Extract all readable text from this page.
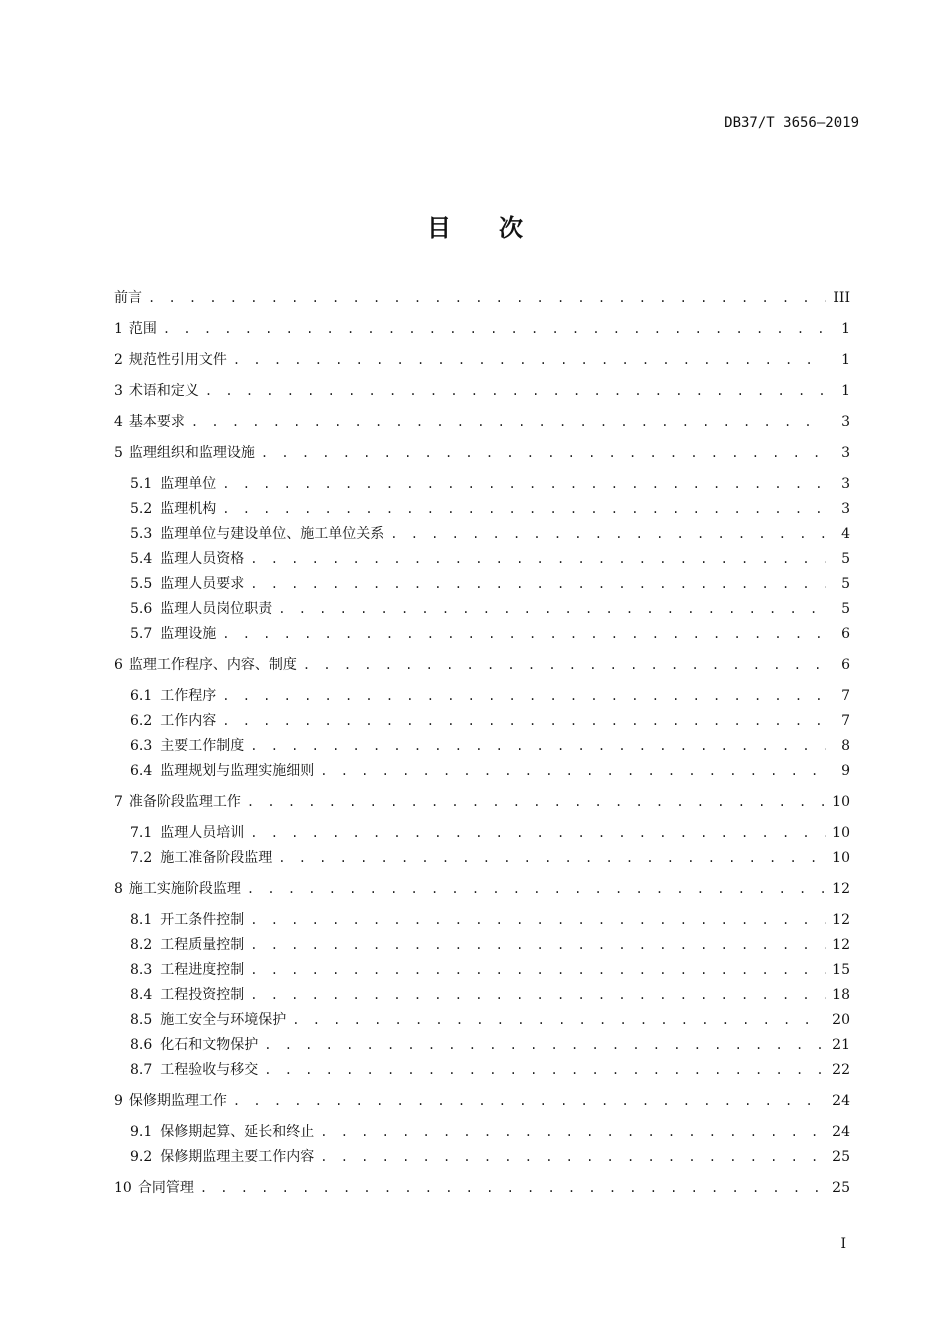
DB37/T 3656—2019
目次
前言 . . .	III
1 范围 . . .	1
2 规范性引用文件 . . .	1
3 术语和定义 . . .	1
4 基本要求 . . .	3
5 监理组织和监理设施 . . .	3
5.1 监理单位 . . .	3
5.2 监理机构 . . .	3
5.3 监理单位与建设单位、施工单位关系 . . .	4
5.4 监理人员资格 . . .	5
5.5 监理人员要求 . . .	5
5.6 监理人员岗位职责 . . .	5
5.7 监理设施 . . .	6
6 监理工作程序、内容、制度 . . .	6
6.1 工作程序 . . .	7
6.2 工作内容 . . .	7
6.3 主要工作制度 . . .	8
6.4 监理规划与监理实施细则 . . .	9
7 准备阶段监理工作 . . .	10
7.1 监理人员培训 . . .	10
7.2 施工准备阶段监理 . . .	10
8 施工实施阶段监理 . . .	12
8.1 开工条件控制 . . .	12
8.2 工程质量控制 . . .	12
8.3 工程进度控制 . . .	15
8.4 工程投资控制 . . .	18
8.5 施工安全与环境保护 . . .	20
8.6 化石和文物保护 . . .	21
8.7 工程验收与移交 . . .	22
9 保修期监理工作 . . .	24
9.1 保修期起算、延长和终止 . . .	24
9.2 保修期监理主要工作内容 . . .	25
10 合同管理 . . .	25
I
